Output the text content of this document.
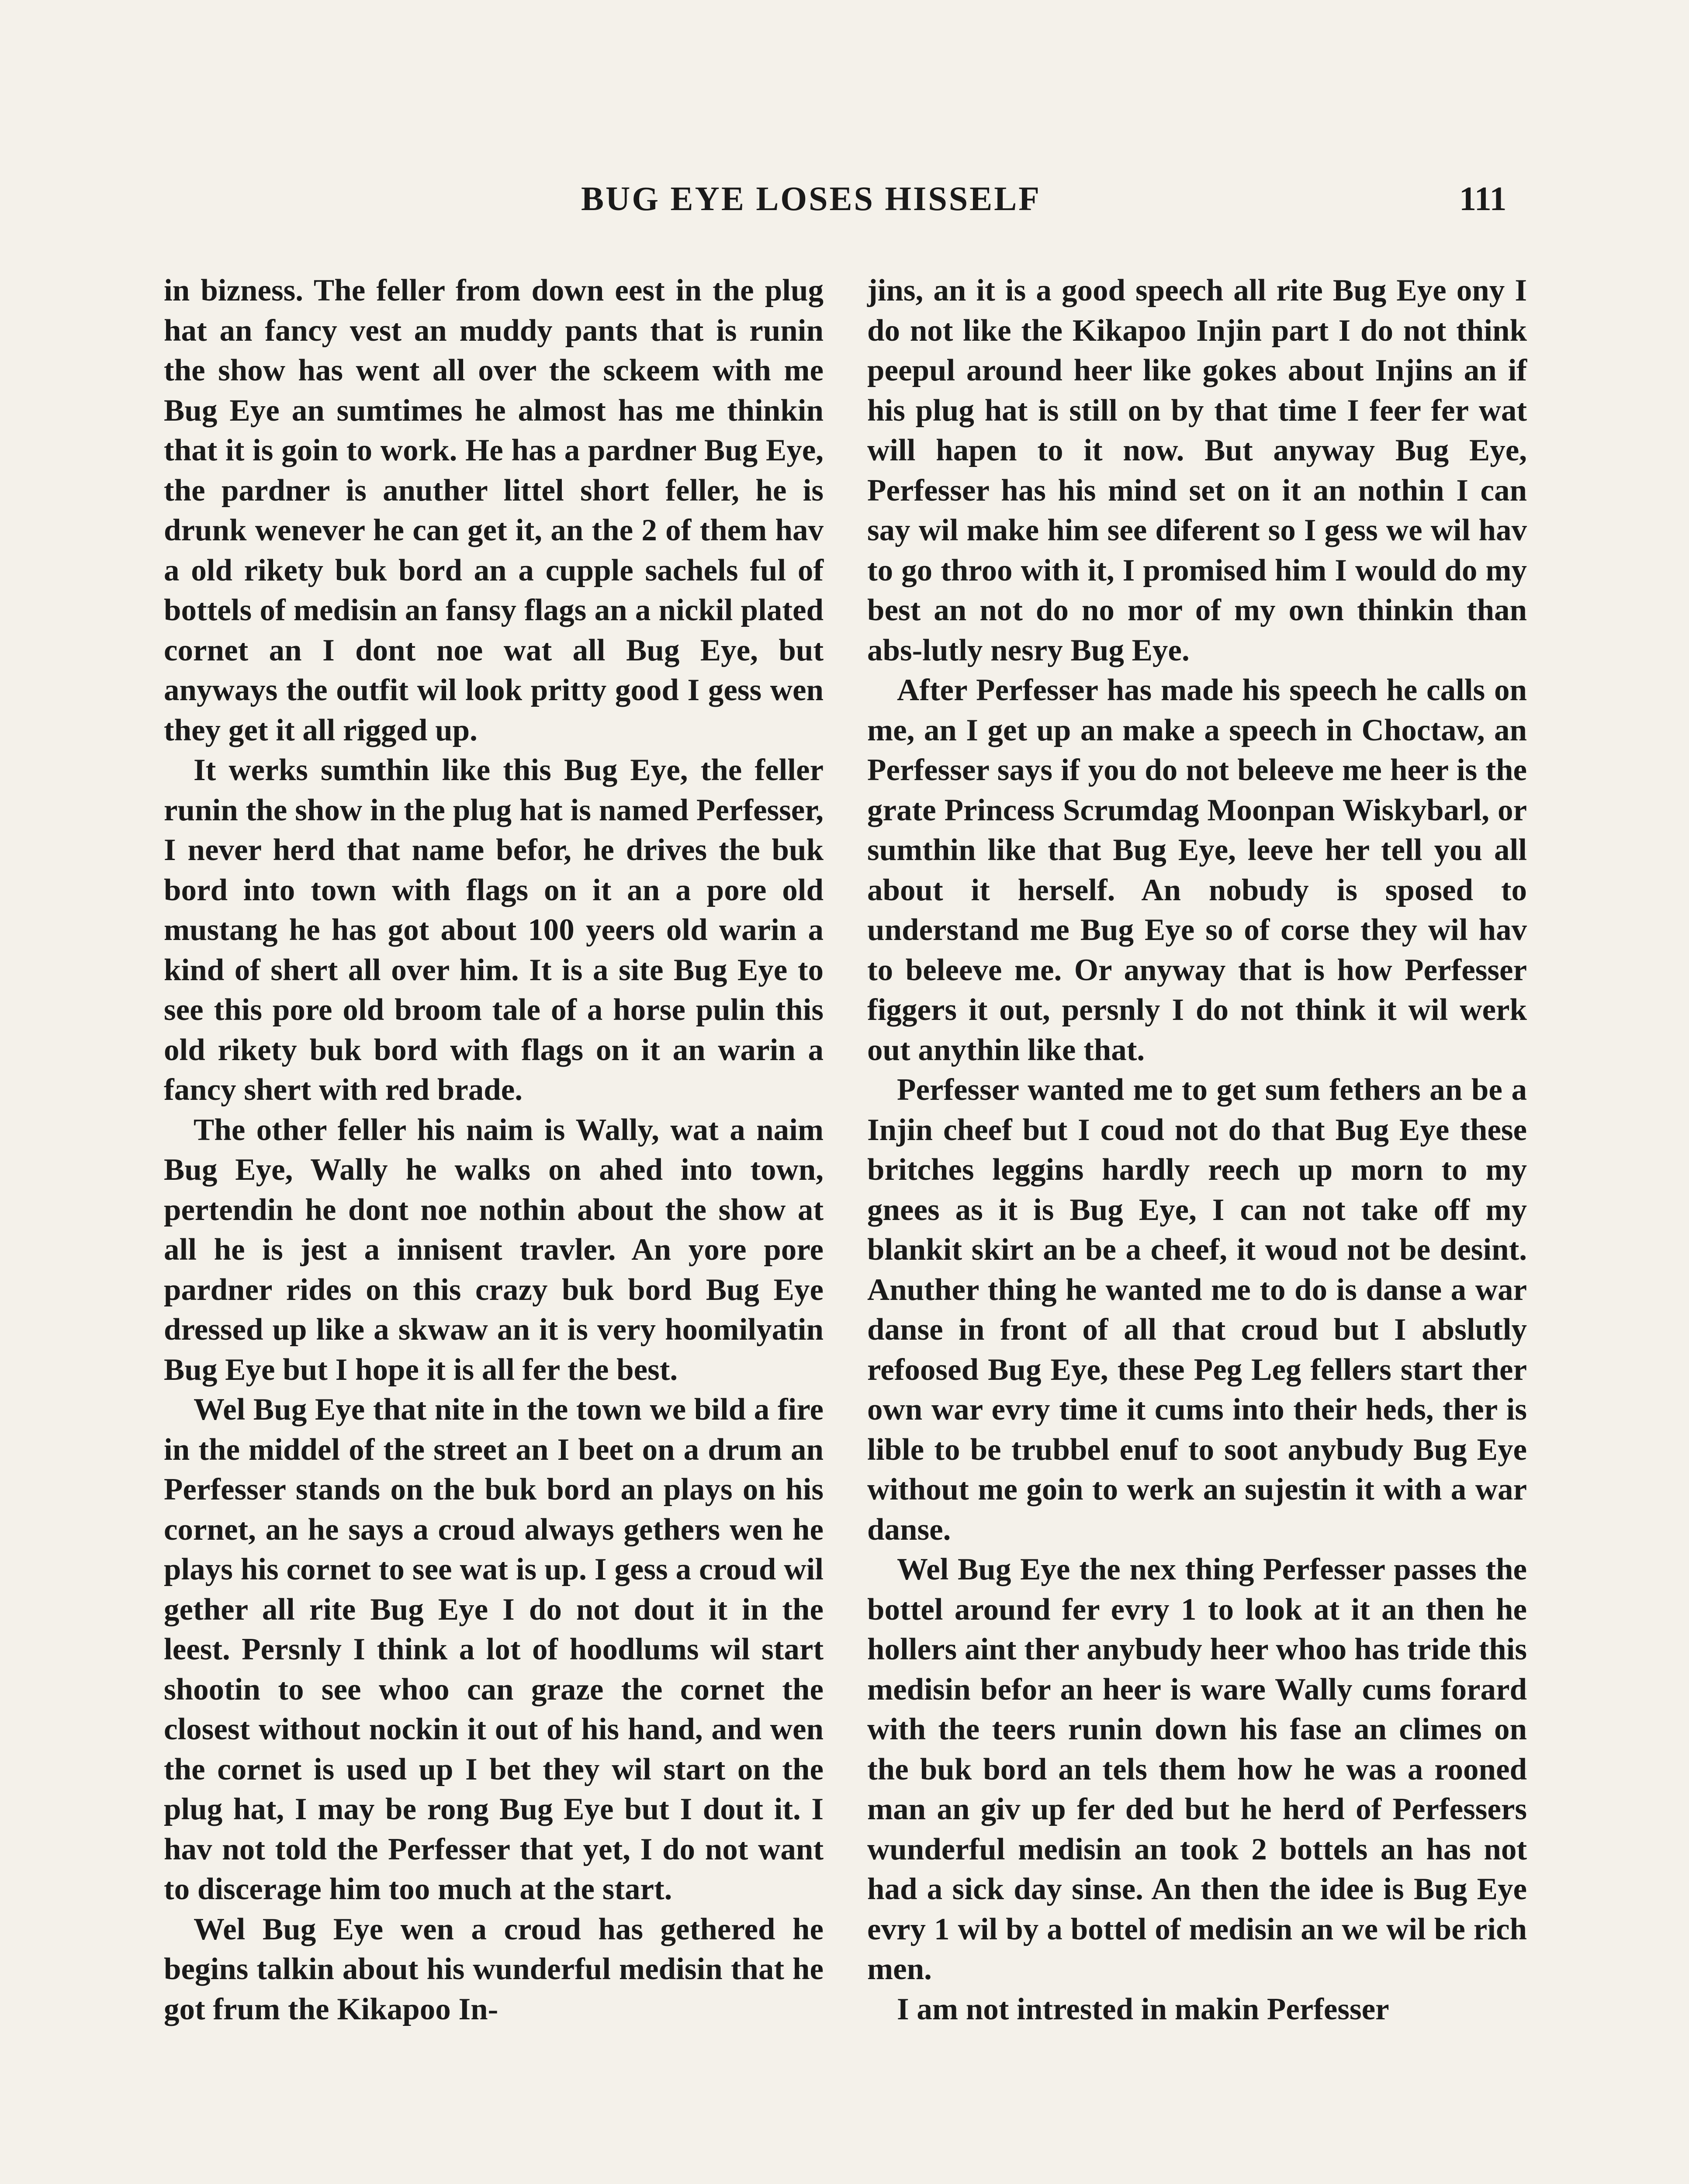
BUG EYE LOSES HISSELF	111

in bizness. The feller from down eest in the plug hat an fancy vest an muddy pants that is runin the show has went all over the sckeem with me Bug Eye an sumtimes he almost has me thinkin that it is goin to work. He has a pardner Bug Eye, the pardner is anuther littel short feller, he is drunk wenever he can get it, an the 2 of them hav a old rikety buk bord an a cupple sachels ful of bottels of medisin an fansy flags an a nickil plated cornet an I dont noe wat all Bug Eye, but anyways the outfit wil look pritty good I gess wen they get it all rigged up.

It werks sumthin like this Bug Eye, the feller runin the show in the plug hat is named Perfesser, I never herd that name befor, he drives the buk bord into town with flags on it an a pore old mustang he has got about 100 yeers old warin a kind of shert all over him. It is a site Bug Eye to see this pore old broom tale of a horse pulin this old rikety buk bord with flags on it an warin a fancy shert with red brade.

The other feller his naim is Wally, wat a naim Bug Eye, Wally he walks on ahed into town, pertendin he dont noe nothin about the show at all he is jest a innisent travler. An yore pore pardner rides on this crazy buk bord Bug Eye dressed up like a skwaw an it is very hoomilyatin Bug Eye but I hope it is all fer the best.

Wel Bug Eye that nite in the town we bild a fire in the middel of the street an I beet on a drum an Perfesser stands on the buk bord an plays on his cornet, an he says a croud always gethers wen he plays his cornet to see wat is up. I gess a croud wil gether all rite Bug Eye I do not dout it in the leest. Persnly I think a lot of hoodlums wil start shootin to see whoo can graze the cornet the closest without nockin it out of his hand, and wen the cornet is used up I bet they wil start on the plug hat, I may be rong Bug Eye but I dout it. I hav not told the Perfesser that yet, I do not want to discerage him too much at the start.

Wel Bug Eye wen a croud has gethered he begins talkin about his wunderful medisin that he got frum the Kikapoo In-

jins, an it is a good speech all rite Bug Eye ony I do not like the Kikapoo Injin part I do not think peepul around heer like gokes about Injins an if his plug hat is still on by that time I feer fer wat will hapen to it now. But anyway Bug Eye, Perfesser has his mind set on it an nothin I can say wil make him see diferent so I gess we wil hav to go throo with it, I promised him I would do my best an not do no mor of my own thinkin than abs-lutly nesry Bug Eye.

After Perfesser has made his speech he calls on me, an I get up an make a speech in Choctaw, an Perfesser says if you do not beleeve me heer is the grate Princess Scrumdag Moonpan Wiskybarl, or sumthin like that Bug Eye, leeve her tell you all about it herself. An nobudy is sposed to understand me Bug Eye so of corse they wil hav to beleeve me. Or anyway that is how Perfesser figgers it out, persnly I do not think it wil werk out anythin like that.

Perfesser wanted me to get sum fethers an be a Injin cheef but I coud not do that Bug Eye these britches leggins hardly reech up morn to my gnees as it is Bug Eye, I can not take off my blankit skirt an be a cheef, it woud not be desint. Anuther thing he wanted me to do is danse a war danse in front of all that croud but I abslutly refoosed Bug Eye, these Peg Leg fellers start ther own war evry time it cums into their heds, ther is lible to be trubbel enuf to soot anybudy Bug Eye without me goin to werk an sujestin it with a war danse.

Wel Bug Eye the nex thing Perfesser passes the bottel around fer evry 1 to look at it an then he hollers aint ther anybudy heer whoo has tride this medisin befor an heer is ware Wally cums forard with the teers runin down his fase an climes on the buk bord an tels them how he was a rooned man an giv up fer ded but he herd of Perfessers wunderful medisin an took 2 bottels an has not had a sick day sinse. An then the idee is Bug Eye evry 1 wil by a bottel of medisin an we wil be rich men.

I am not intrested in makin Perfesser
